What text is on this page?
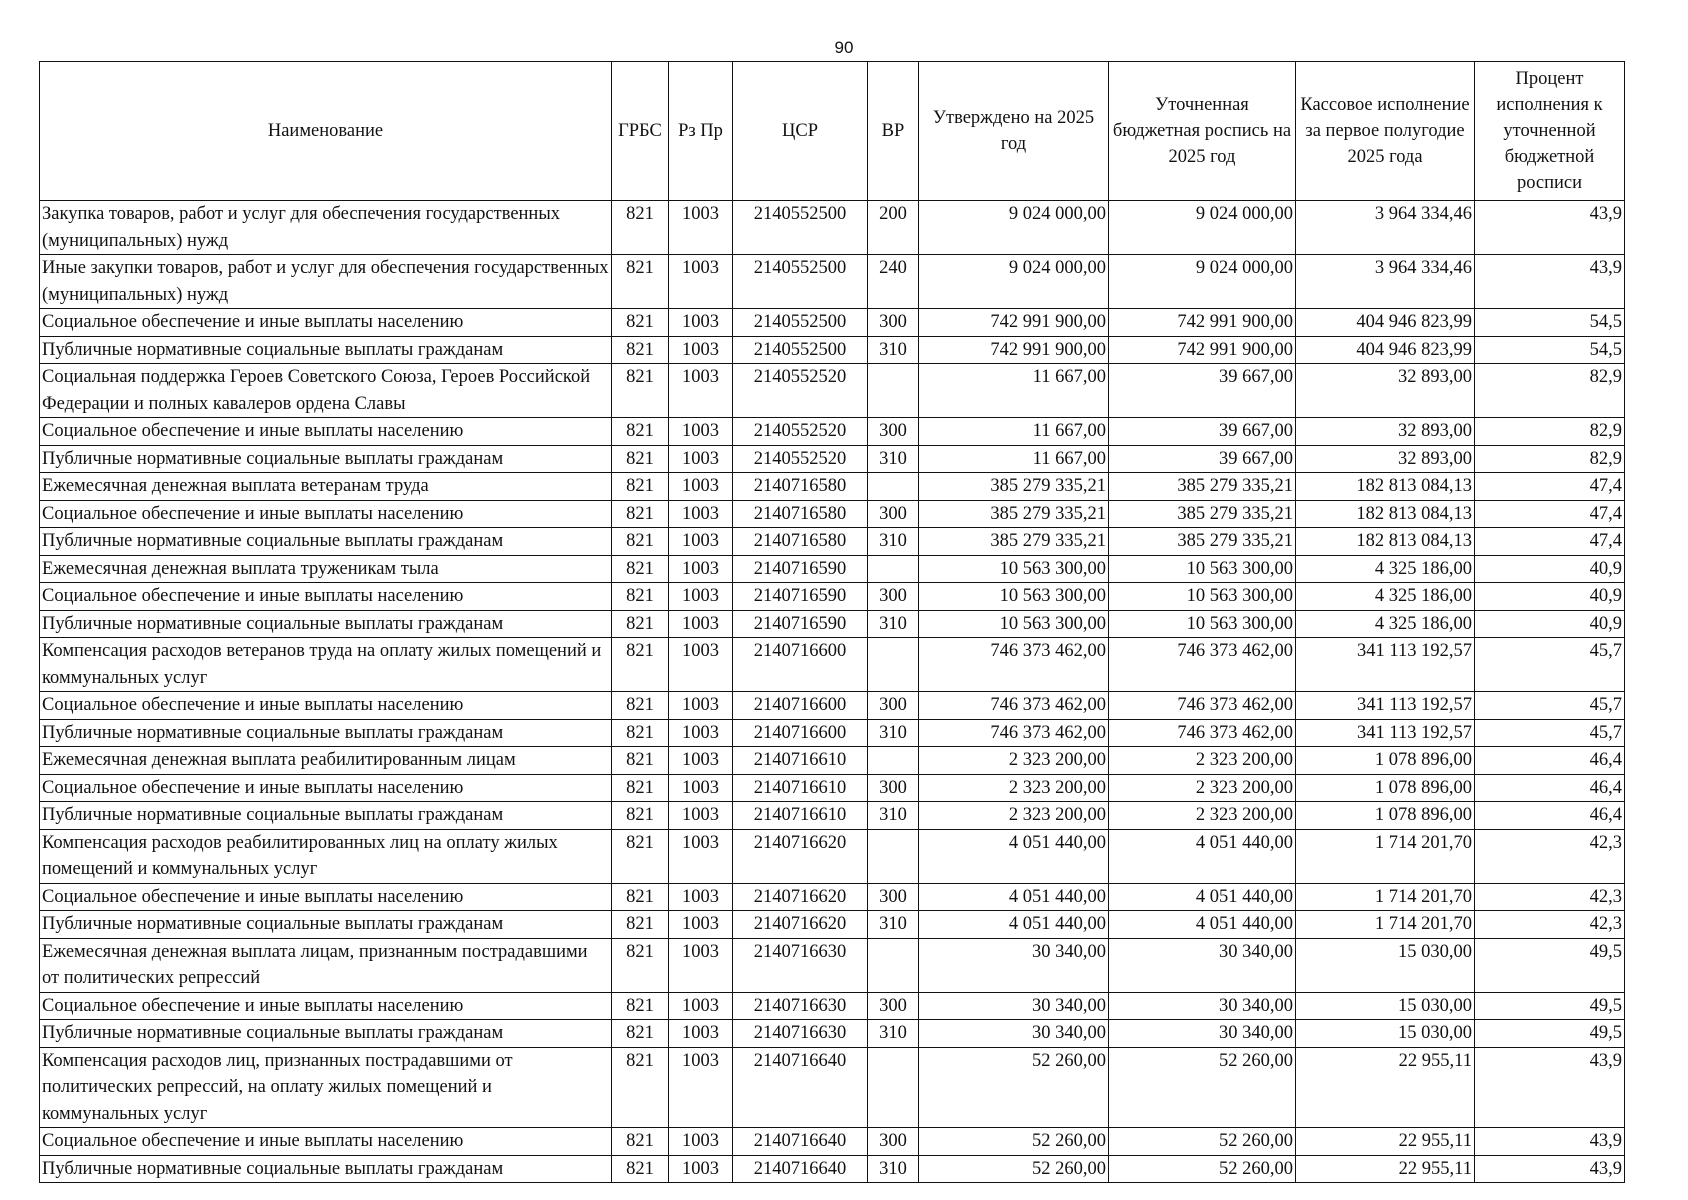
90
Наименование	ГРБС	Рз Пр	ЦСР	ВР	Утверждено на 2025 год	Уточненная бюджетная роспись на 2025 год	Кассовое исполнение за первое полугодие 2025 года	Процент исполнения к уточненной бюджетной росписи
Закупка товаров, работ и услуг для обеспечения государственных (муниципальных) нужд	821	1003	2140552500	200	9 024 000,00	9 024 000,00	3 964 334,46	43,9
Иные закупки товаров, работ и услуг для обеспечения государственных (муниципальных) нужд	821	1003	2140552500	240	9 024 000,00	9 024 000,00	3 964 334,46	43,9
Социальное обеспечение и иные выплаты населению	821	1003	2140552500	300	742 991 900,00	742 991 900,00	404 946 823,99	54,5
Публичные нормативные социальные выплаты гражданам	821	1003	2140552500	310	742 991 900,00	742 991 900,00	404 946 823,99	54,5
Социальная поддержка Героев Советского Союза, Героев Российской Федерации и полных кавалеров ордена Славы	821	1003	2140552520		11 667,00	39 667,00	32 893,00	82,9
Социальное обеспечение и иные выплаты населению	821	1003	2140552520	300	11 667,00	39 667,00	32 893,00	82,9
Публичные нормативные социальные выплаты гражданам	821	1003	2140552520	310	11 667,00	39 667,00	32 893,00	82,9
Ежемесячная денежная выплата ветеранам труда	821	1003	2140716580		385 279 335,21	385 279 335,21	182 813 084,13	47,4
Социальное обеспечение и иные выплаты населению	821	1003	2140716580	300	385 279 335,21	385 279 335,21	182 813 084,13	47,4
Публичные нормативные социальные выплаты гражданам	821	1003	2140716580	310	385 279 335,21	385 279 335,21	182 813 084,13	47,4
Ежемесячная денежная выплата труженикам тыла	821	1003	2140716590		10 563 300,00	10 563 300,00	4 325 186,00	40,9
Социальное обеспечение и иные выплаты населению	821	1003	2140716590	300	10 563 300,00	10 563 300,00	4 325 186,00	40,9
Публичные нормативные социальные выплаты гражданам	821	1003	2140716590	310	10 563 300,00	10 563 300,00	4 325 186,00	40,9
Компенсация расходов ветеранов труда на оплату жилых помещений и коммунальных услуг	821	1003	2140716600		746 373 462,00	746 373 462,00	341 113 192,57	45,7
Социальное обеспечение и иные выплаты населению	821	1003	2140716600	300	746 373 462,00	746 373 462,00	341 113 192,57	45,7
Публичные нормативные социальные выплаты гражданам	821	1003	2140716600	310	746 373 462,00	746 373 462,00	341 113 192,57	45,7
Ежемесячная денежная выплата реабилитированным лицам	821	1003	2140716610		2 323 200,00	2 323 200,00	1 078 896,00	46,4
Социальное обеспечение и иные выплаты населению	821	1003	2140716610	300	2 323 200,00	2 323 200,00	1 078 896,00	46,4
Публичные нормативные социальные выплаты гражданам	821	1003	2140716610	310	2 323 200,00	2 323 200,00	1 078 896,00	46,4
Компенсация расходов реабилитированных лиц на оплату жилых помещений и коммунальных услуг	821	1003	2140716620		4 051 440,00	4 051 440,00	1 714 201,70	42,3
Социальное обеспечение и иные выплаты населению	821	1003	2140716620	300	4 051 440,00	4 051 440,00	1 714 201,70	42,3
Публичные нормативные социальные выплаты гражданам	821	1003	2140716620	310	4 051 440,00	4 051 440,00	1 714 201,70	42,3
Ежемесячная денежная выплата лицам, признанным пострадавшими от политических репрессий	821	1003	2140716630		30 340,00	30 340,00	15 030,00	49,5
Социальное обеспечение и иные выплаты населению	821	1003	2140716630	300	30 340,00	30 340,00	15 030,00	49,5
Публичные нормативные социальные выплаты гражданам	821	1003	2140716630	310	30 340,00	30 340,00	15 030,00	49,5
Компенсация расходов лиц, признанных пострадавшими от политических репрессий, на оплату жилых помещений и коммунальных услуг	821	1003	2140716640		52 260,00	52 260,00	22 955,11	43,9
Социальное обеспечение и иные выплаты населению	821	1003	2140716640	300	52 260,00	52 260,00	22 955,11	43,9
Публичные нормативные социальные выплаты гражданам	821	1003	2140716640	310	52 260,00	52 260,00	22 955,11	43,9
